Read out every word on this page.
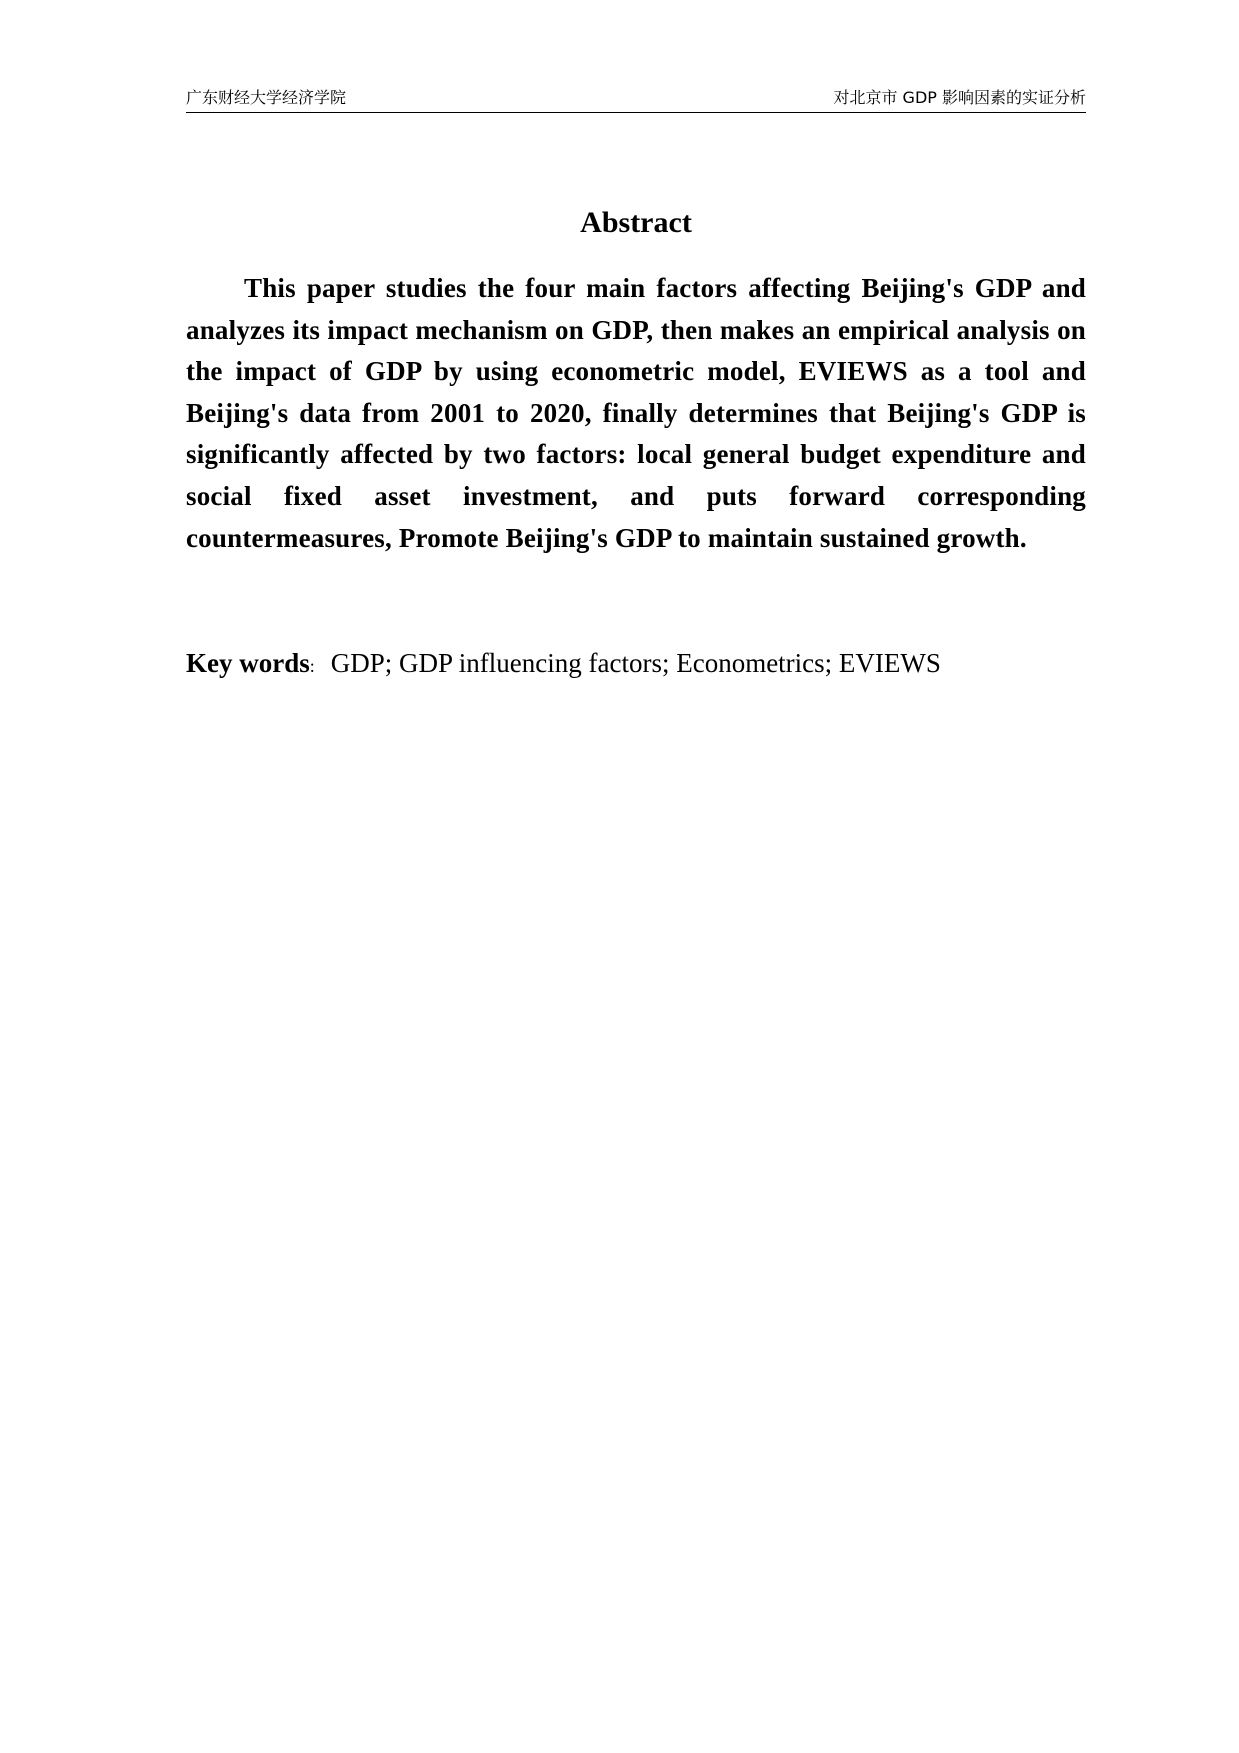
广东财经大学经济学院	对北京市 GDP 影响因素的实证分析
Abstract

This paper studies the four main factors affecting Beijing's GDP and analyzes its impact mechanism on GDP, then makes an empirical analysis on the impact of GDP by using econometric model, EVIEWS as a tool and Beijing's data from 2001 to 2020, finally determines that Beijing's GDP is significantly affected by two factors: local general budget expenditure and social fixed asset investment, and puts forward corresponding countermeasures, Promote Beijing's GDP to maintain sustained growth.

Key words: GDP; GDP influencing factors; Econometrics; EVIEWS
